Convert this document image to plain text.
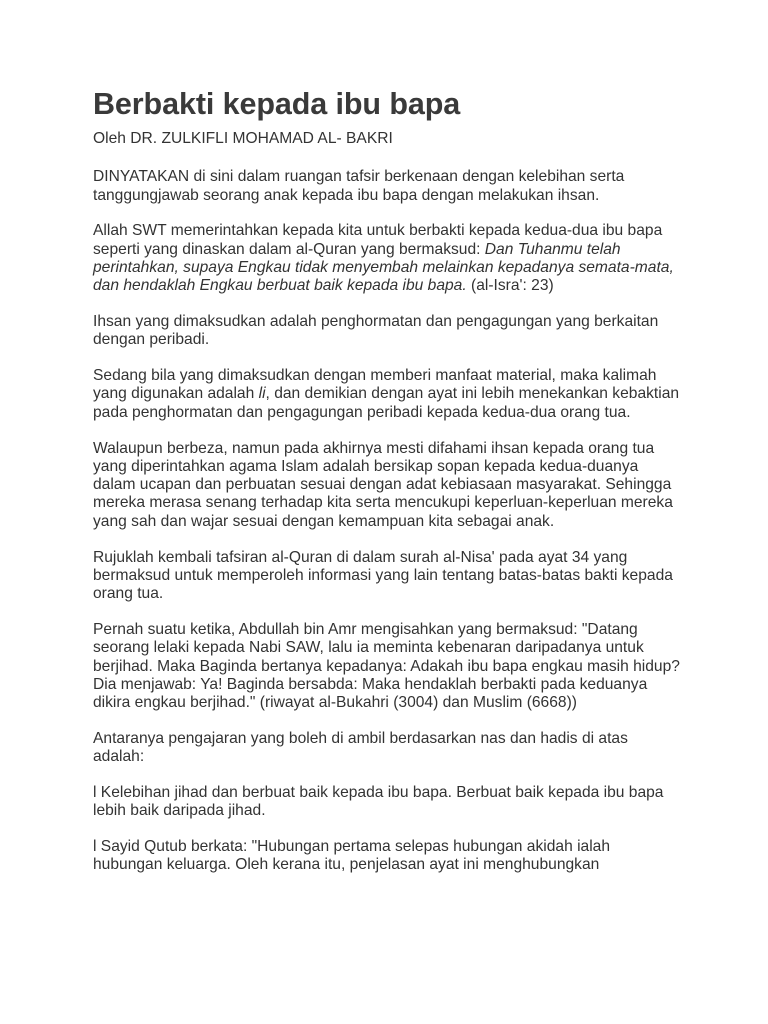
Berbakti kepada ibu bapa

Oleh DR. ZULKIFLI MOHAMAD AL- BAKRI

DINYATAKAN di sini dalam ruangan tafsir berkenaan dengan kelebihan serta tanggungjawab seorang anak kepada ibu bapa dengan melakukan ihsan.

Allah SWT memerintahkan kepada kita untuk berbakti kepada kedua-dua ibu bapa seperti yang dinaskan dalam al-Quran yang bermaksud: Dan Tuhanmu telah perintahkan, supaya Engkau tidak menyembah melainkan kepadanya semata-mata, dan hendaklah Engkau berbuat baik kepada ibu bapa. (al-Isra': 23)

Ihsan yang dimaksudkan adalah penghormatan dan pengagungan yang berkaitan dengan peribadi.

Sedang bila yang dimaksudkan dengan memberi manfaat material, maka kalimah yang digunakan adalah li, dan demikian dengan ayat ini lebih menekankan kebaktian pada penghormatan dan pengagungan peribadi kepada kedua-dua orang tua.

Walaupun berbeza, namun pada akhirnya mesti difahami ihsan kepada orang tua yang diperintahkan agama Islam adalah bersikap sopan kepada kedua-duanya dalam ucapan dan perbuatan sesuai dengan adat kebiasaan masyarakat. Sehingga mereka merasa senang terhadap kita serta mencukupi keperluan-keperluan mereka yang sah dan wajar sesuai dengan kemampuan kita sebagai anak.

Rujuklah kembali tafsiran al-Quran di dalam surah al-Nisa' pada ayat 34 yang bermaksud untuk memperoleh informasi yang lain tentang batas-batas bakti kepada orang tua.

Pernah suatu ketika, Abdullah bin Amr mengisahkan yang bermaksud: "Datang seorang lelaki kepada Nabi SAW, lalu ia meminta kebenaran daripadanya untuk berjihad. Maka Baginda bertanya kepadanya: Adakah ibu bapa engkau masih hidup? Dia menjawab: Ya! Baginda bersabda: Maka hendaklah berbakti pada keduanya dikira engkau berjihad." (riwayat al-Bukahri (3004) dan Muslim (6668))

Antaranya pengajaran yang boleh di ambil berdasarkan nas dan hadis di atas adalah:

l Kelebihan jihad dan berbuat baik kepada ibu bapa. Berbuat baik kepada ibu bapa lebih baik daripada jihad.

l Sayid Qutub berkata: "Hubungan pertama selepas hubungan akidah ialah hubungan keluarga. Oleh kerana itu, penjelasan ayat ini menghubungkan
